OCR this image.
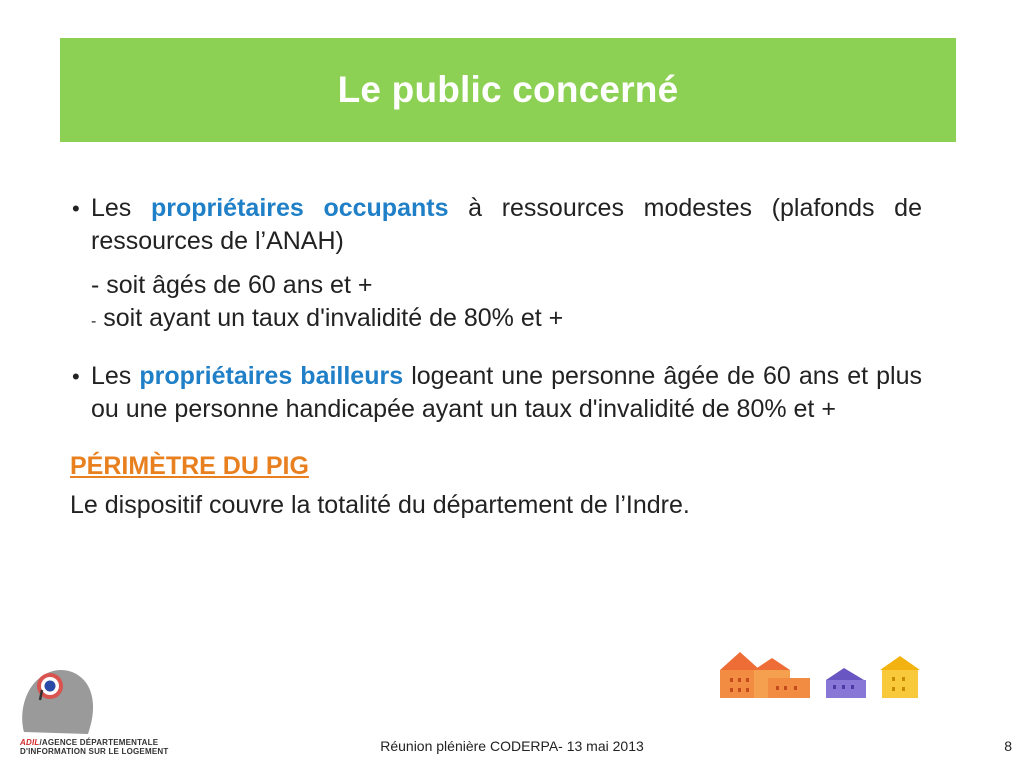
Le public concerné
• Les propriétaires occupants à ressources modestes (plafonds de ressources de l’ANAH)
- soit âgés de 60 ans et +
- soit ayant un taux d'invalidité de 80% et +
• Les propriétaires bailleurs logeant une personne âgée de 60 ans et plus ou une personne handicapée ayant un taux d'invalidité de 80% et +
PÉRIMÈTRE DU PIG
Le dispositif couvre la totalité du département de l’Indre.
ADIL/AGENCE DÉPARTEMENTALE
D'INFORMATION SUR LE LOGEMENT	Réunion plénière CODERPA- 13 mai 2013	8
